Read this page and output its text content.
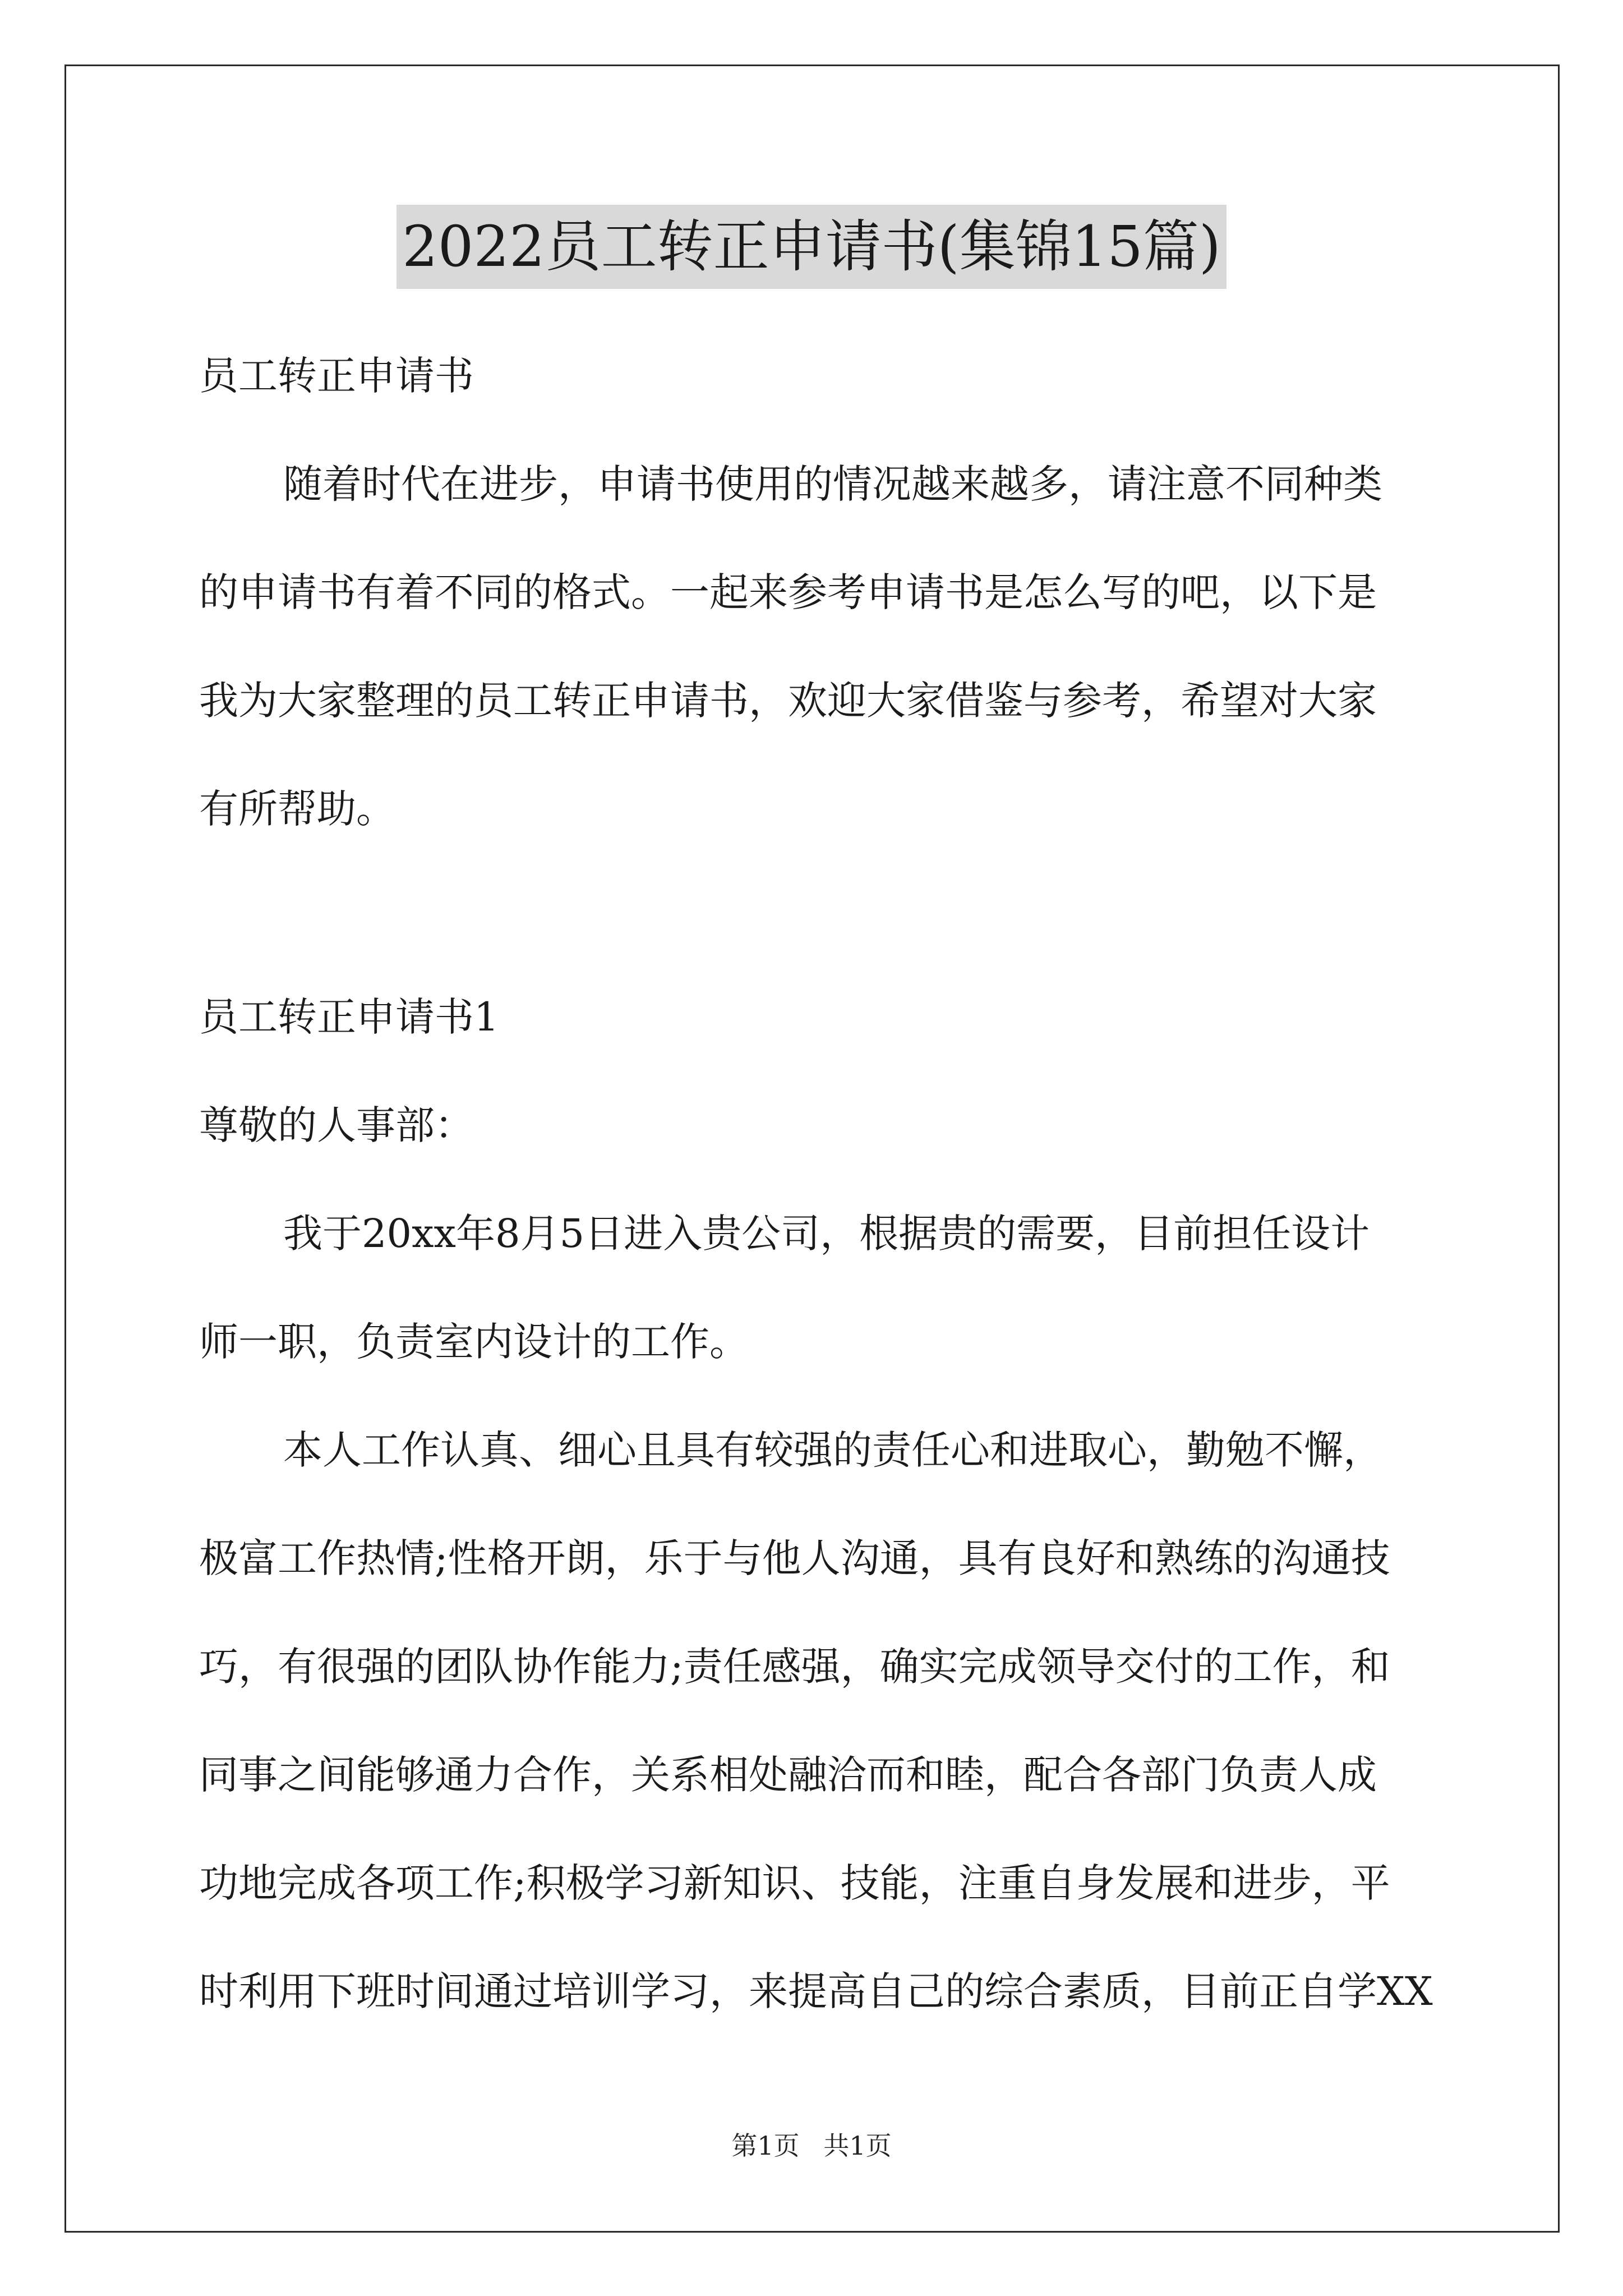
2022员工转正申请书(集锦15篇)
员工转正申请书
随着时代在进步，申请书使用的情况越来越多，请注意不同种类
的申请书有着不同的格式。一起来参考申请书是怎么写的吧，以下是
我为大家整理的员工转正申请书，欢迎大家借鉴与参考，希望对大家
有所帮助。
员工转正申请书1
尊敬的人事部：
我于20xx年8月5日进入贵公司，根据贵的需要，目前担任设计
师一职，负责室内设计的工作。
本人工作认真、细心且具有较强的责任心和进取心，勤勉不懈，
极富工作热情;性格开朗，乐于与他人沟通，具有良好和熟练的沟通技
巧，有很强的团队协作能力;责任感强，确实完成领导交付的工作，和
同事之间能够通力合作，关系相处融洽而和睦，配合各部门负责人成
功地完成各项工作;积极学习新知识、技能，注重自身发展和进步，平
时利用下班时间通过培训学习，来提高自己的综合素质，目前正自学XX
第1页 共1页
